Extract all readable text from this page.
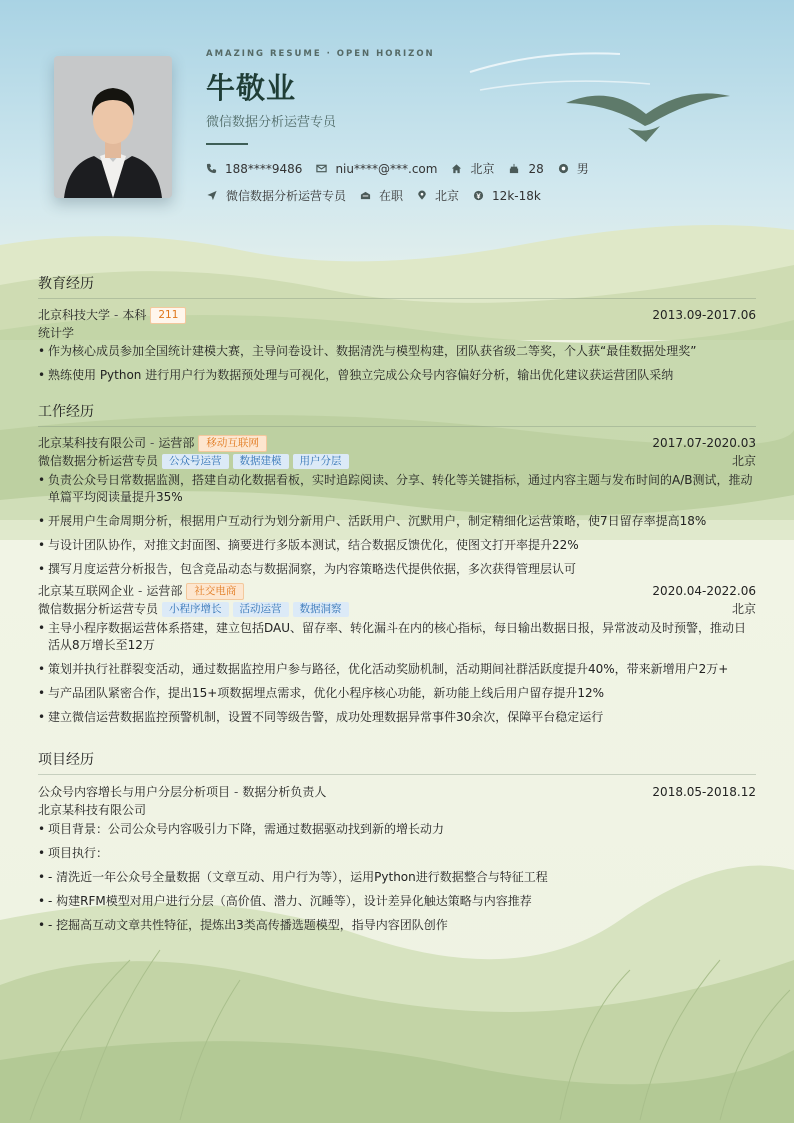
AMAZING RESUME · OPEN HORIZON
牛敬业
微信数据分析运营专员
188****9486	niu****@***.com	北京	28	男
微信数据分析运营专员	在职	北京	12k-18k
教育经历
北京科技大学 - 本科	211	2013.09-2017.06
统计学
• 作为核心成员参加全国统计建模大赛，主导问卷设计、数据清洗与模型构建，团队获省级二等奖，个人获“最佳数据处理奖”
• 熟练使用 Python 进行用户行为数据预处理与可视化，曾独立完成公众号内容偏好分析，输出优化建议获运营团队采纳
工作经历
北京某科技有限公司 - 运营部	移动互联网	2017.07-2020.03
微信数据分析运营专员	公众号运营	数据建模	用户分层	北京
• 负责公众号日常数据监测，搭建自动化数据看板，实时追踪阅读、分享、转化等关键指标，通过内容主题与发布时间的A/B测试，推动单篇平均阅读量提升35%
• 开展用户生命周期分析，根据用户互动行为划分新用户、活跃用户、沉默用户，制定精细化运营策略，使7日留存率提高18%
• 与设计团队协作，对推文封面图、摘要进行多版本测试，结合数据反馈优化，使图文打开率提升22%
• 撰写月度运营分析报告，包含竞品动态与数据洞察，为内容策略迭代提供依据，多次获得管理层认可
北京某互联网企业 - 运营部	社交电商	2020.04-2022.06
微信数据分析运营专员	小程序增长	活动运营	数据洞察	北京
• 主导小程序数据运营体系搭建，建立包括DAU、留存率、转化漏斗在内的核心指标，每日输出数据日报，异常波动及时预警，推动日活从8万增长至12万
• 策划并执行社群裂变活动，通过数据监控用户参与路径，优化活动奖励机制，活动期间社群活跃度提升40%，带来新增用户2万+
• 与产品团队紧密合作，提出15+项数据埋点需求，优化小程序核心功能，新功能上线后用户留存提升12%
• 建立微信运营数据监控预警机制，设置不同等级告警，成功处理数据异常事件30余次，保障平台稳定运行
项目经历
公众号内容增长与用户分层分析项目 - 数据分析负责人	2018.05-2018.12
北京某科技有限公司
• 项目背景：公司公众号内容吸引力下降，需通过数据驱动找到新的增长动力
• 项目执行：
• - 清洗近一年公众号全量数据（文章互动、用户行为等），运用Python进行数据整合与特征工程
• - 构建RFM模型对用户进行分层（高价值、潜力、沉睡等），设计差异化触达策略与内容推荐
• - 挖掘高互动文章共性特征，提炼出3类高传播选题模型，指导内容团队创作
